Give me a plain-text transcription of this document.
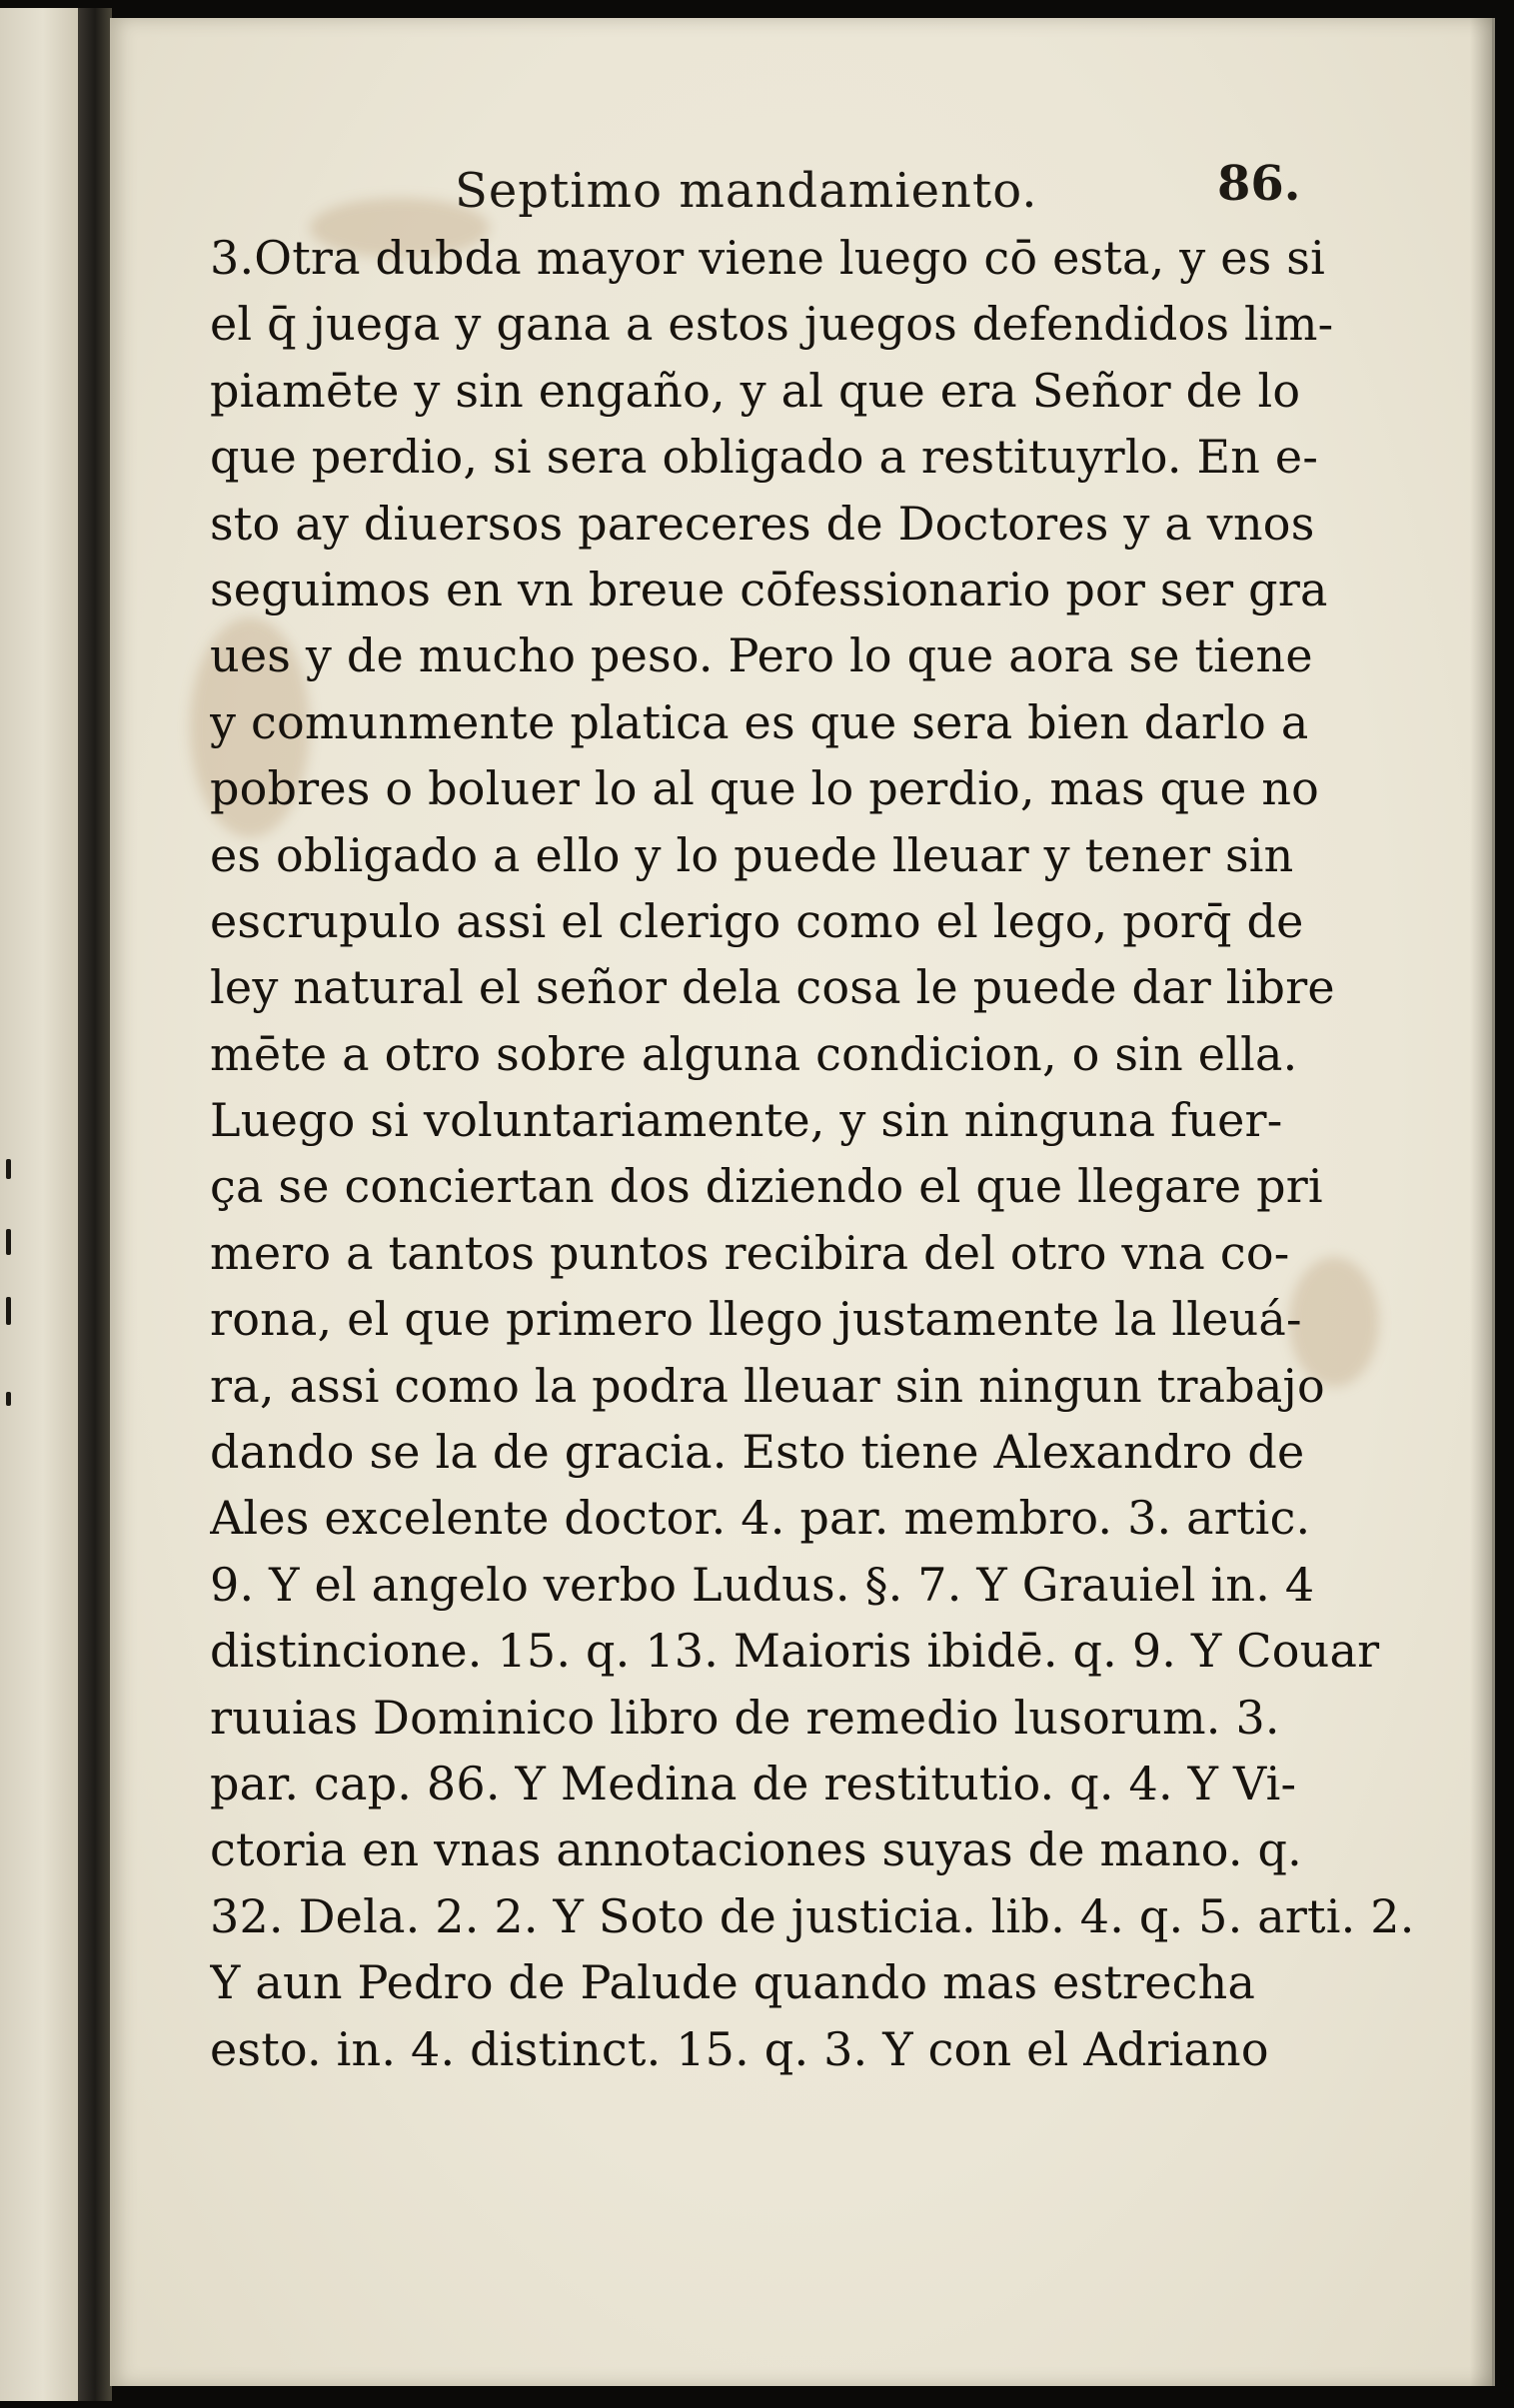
Septimo mandamiento.	86.
3.Otra dubda mayor viene luego cō esta, y es si
el q̄ juega y gana a estos juegos defendidos lim-
piamēte y sin engaño, y al que era Señor de lo
que perdio, si sera obligado a restituyrlo. En e-
sto ay diuersos pareceres de Doctores y a vnos
seguimos en vn breue cōfessionario por ser gra
ues y de mucho peso. Pero lo que aora se tiene
y comunmente platica es que sera bien darlo a
pobres o boluer lo al que lo perdio, mas que no
es obligado a ello y lo puede lleuar y tener sin
escrupulo assi el clerigo como el lego, porq̄ de
ley natural el señor dela cosa le puede dar libre
mēte a otro sobre alguna condicion, o sin ella.
Luego si voluntariamente, y sin ninguna fuer-
ça se conciertan dos diziendo el que llegare pri
mero a tantos puntos recibira del otro vna co-
rona, el que primero llego justamente la lleuá-
ra, assi como la podra lleuar sin ningun trabajo
dando se la de gracia. Esto tiene Alexandro de
Ales excelente doctor. 4. par. membro. 3. artic.
9. Y el angelo verbo Ludus. §. 7. Y Grauiel in. 4
distincione. 15. q. 13. Maioris ibidē. q. 9. Y Couar
ruuias Dominico libro de remedio lusorum. 3.
par. cap. 86. Y Medina de restitutio. q. 4. Y Vi-
ctoria en vnas annotaciones suyas de mano. q.
32. Dela. 2. 2. Y Soto de justicia. lib. 4. q. 5. arti. 2.
Y aun Pedro de Palude quando mas estrecha
esto. in. 4. distinct. 15. q. 3. Y con el Adriano
